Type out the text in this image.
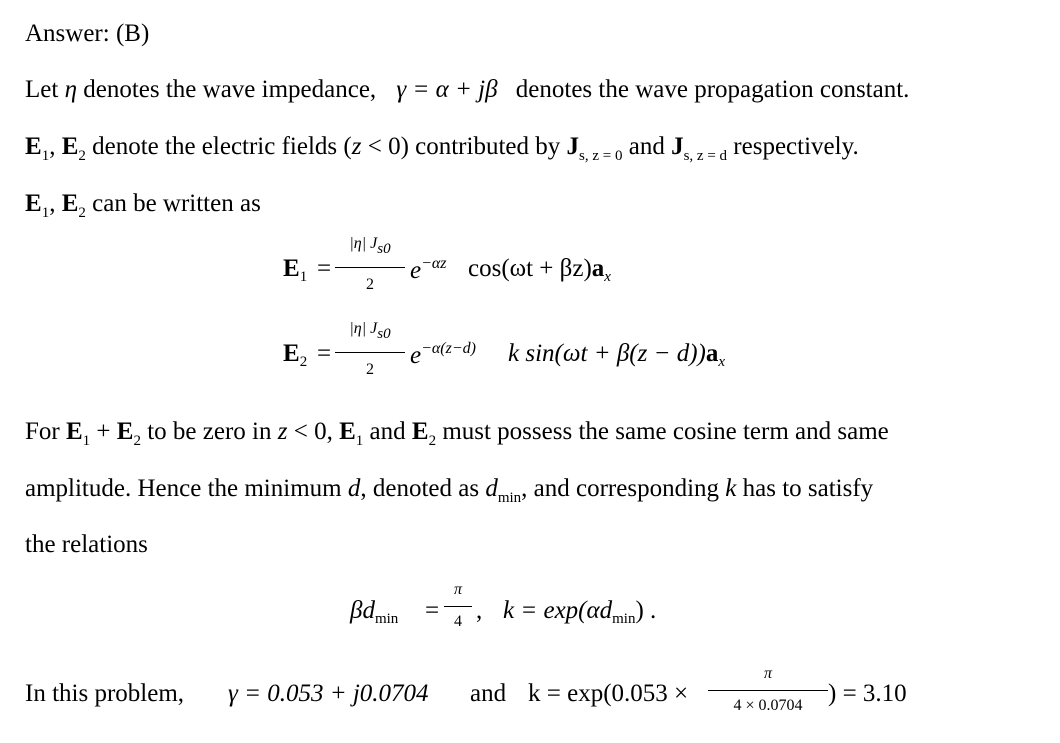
Answer: (B)
Let η denotes the wave impedance, γ = α + jβ denotes the wave propagation constant.
$E_1$, $E_2$ denote the electric fields (z < 0) contributed by $J_{s, z = 0}$ and $J_{s, z = d}$ respectively.
$E_1$, $E_2$ can be written as
$E_1 = \frac{|\eta| Js0}{2} e^{-\alpha z}$ $\cos(\omega t + \beta z)a_x$
$E_2 = \frac{|\eta| Js0}{2} e^{-\alpha(z-d)}$ k $\sin(\omega t + \beta(z - d))a_x$
For $E_1 + E_2$ to be zero in z < 0, $E_1$ and $E_2$ must possess the same cosine term and same
amplitude. Hence the minimum d, denoted as $d_{min}$, and corresponding k has to satisfy
the relations
$\beta d_{min} = \frac{\pi}{4}$ , $k = \exp(\alpha d_{min})$ .
In this problem, γ = 0.053 + j0.0704 and $k = \exp(0.053 \times \frac{\pi}{4 \times 0.0704}$ ) = 3.10
